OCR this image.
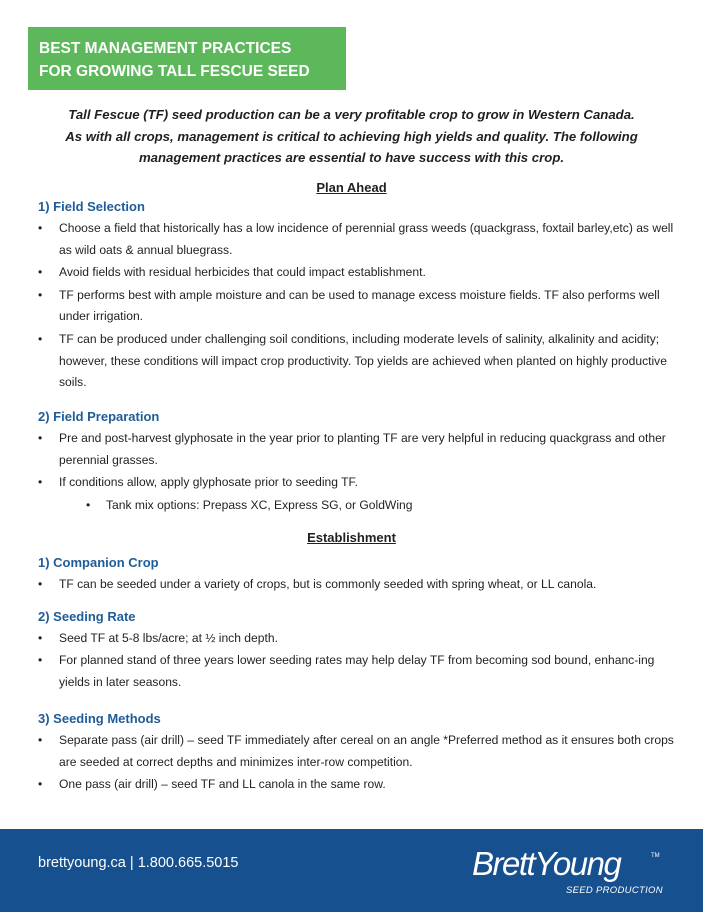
BEST MANAGEMENT PRACTICES
FOR GROWING TALL FESCUE SEED
Tall Fescue (TF) seed production can be a very profitable crop to grow in Western Canada.
As with all crops, management is critical to achieving high yields and quality. The following
management practices are essential to have success with this crop.
Plan Ahead
1) Field Selection
• Choose a field that historically has a low incidence of perennial grass weeds (quackgrass, foxtail barley,etc) as well as wild oats & annual bluegrass.
• Avoid fields with residual herbicides that could impact establishment.
• TF performs best with ample moisture and can be used to manage excess moisture fields. TF also performs well under irrigation.
• TF can be produced under challenging soil conditions, including moderate levels of salinity, alkalinity and acidity; however, these conditions will impact crop productivity. Top yields are achieved when planted on highly productive soils.
2) Field Preparation
• Pre and post-harvest glyphosate in the year prior to planting TF are very helpful in reducing quackgrass and other perennial grasses.
• If conditions allow, apply glyphosate prior to seeding TF.
• Tank mix options: Prepass XC, Express SG, or GoldWing
Establishment
1) Companion Crop
• TF can be seeded under a variety of crops, but is commonly seeded with spring wheat, or LL canola.
2) Seeding Rate
• Seed TF at 5-8 lbs/acre; at ½ inch depth.
• For planned stand of three years lower seeding rates may help delay TF from becoming sod bound, enhanc-ing yields in later seasons.
3) Seeding Methods
• Separate pass (air drill) – seed TF immediately after cereal on an angle *Preferred method as it ensures both crops are seeded at correct depths and minimizes inter-row competition.
• One pass (air drill) – seed TF and LL canola in the same row.
brettyoung.ca | 1.800.665.5015	BrettYoung	TM
SEED PRODUCTION
